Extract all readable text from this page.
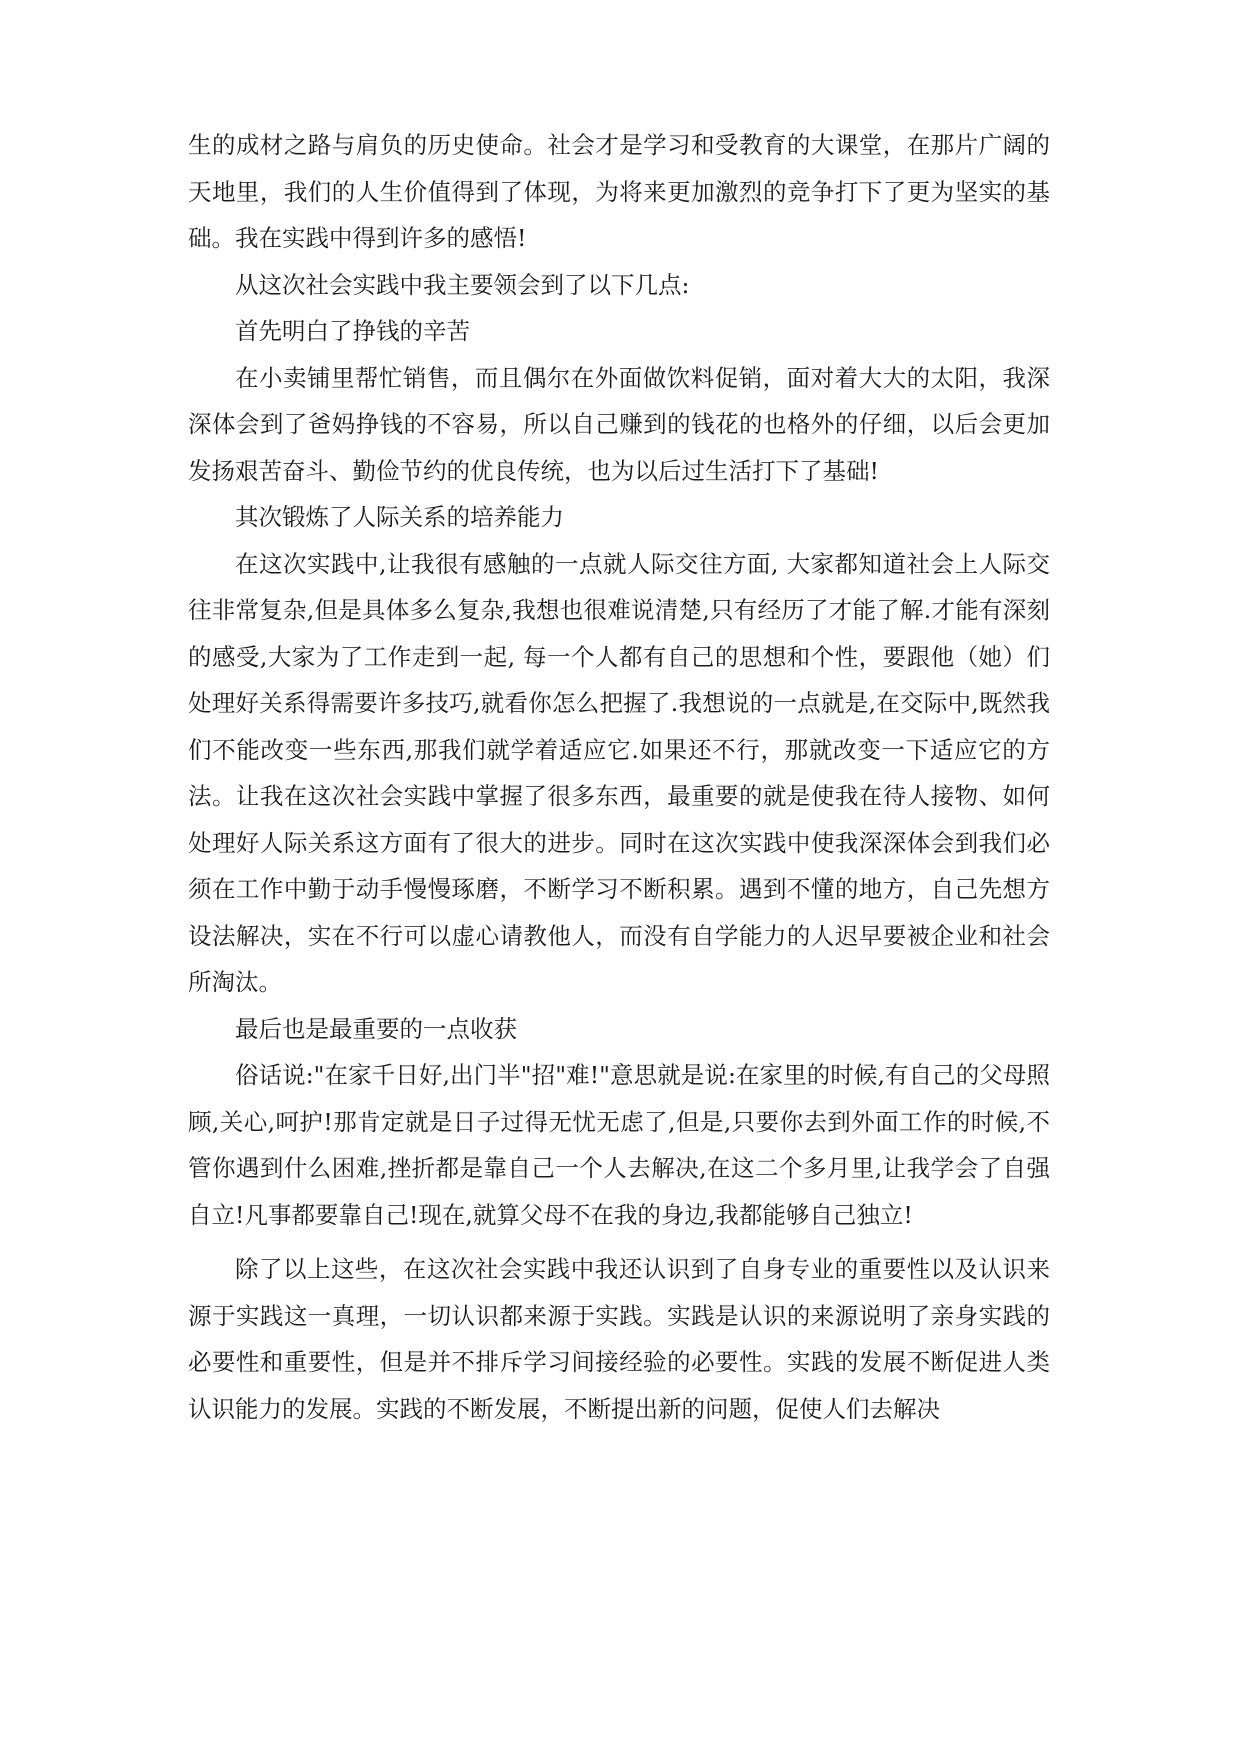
生的成材之路与肩负的历史使命。社会才是学习和受教育的大课堂，在那片广阔的天地里，我们的人生价值得到了体现，为将来更加激烈的竞争打下了更为坚实的基础。我在实践中得到许多的感悟!

从这次社会实践中我主要领会到了以下几点:

首先明白了挣钱的辛苦

在小卖铺里帮忙销售，而且偶尔在外面做饮料促销，面对着大大的太阳，我深深体会到了爸妈挣钱的不容易，所以自己赚到的钱花的也格外的仔细，以后会更加发扬艰苦奋斗、勤俭节约的优良传统，也为以后过生活打下了基础!

其次锻炼了人际关系的培养能力

在这次实践中,让我很有感触的一点就人际交往方面, 大家都知道社会上人际交往非常复杂,但是具体多么复杂,我想也很难说清楚,只有经历了才能了解.才能有深刻的感受,大家为了工作走到一起, 每一个人都有自己的思想和个性，要跟他（她）们处理好关系得需要许多技巧,就看你怎么把握了.我想说的一点就是,在交际中,既然我们不能改变一些东西,那我们就学着适应它.如果还不行，那就改变一下适应它的方法。让我在这次社会实践中掌握了很多东西，最重要的就是使我在待人接物、如何处理好人际关系这方面有了很大的进步。同时在这次实践中使我深深体会到我们必须在工作中勤于动手慢慢琢磨，不断学习不断积累。遇到不懂的地方，自己先想方设法解决，实在不行可以虚心请教他人，而没有自学能力的人迟早要被企业和社会所淘汰。

最后也是最重要的一点收获

俗话说:"在家千日好,出门半"招"难!"意思就是说:在家里的时候,有自己的父母照顾,关心,呵护!那肯定就是日子过得无忧无虑了,但是,只要你去到外面工作的时候,不管你遇到什么困难,挫折都是靠自己一个人去解决,在这二个多月里,让我学会了自强自立!凡事都要靠自己!现在,就算父母不在我的身边,我都能够自己独立!

除了以上这些，在这次社会实践中我还认识到了自身专业的重要性以及认识来源于实践这一真理，一切认识都来源于实践。实践是认识的来源说明了亲身实践的必要性和重要性，但是并不排斥学习间接经验的必要性。实践的发展不断促进人类认识能力的发展。实践的不断发展，不断提出新的问题，促使人们去解决
